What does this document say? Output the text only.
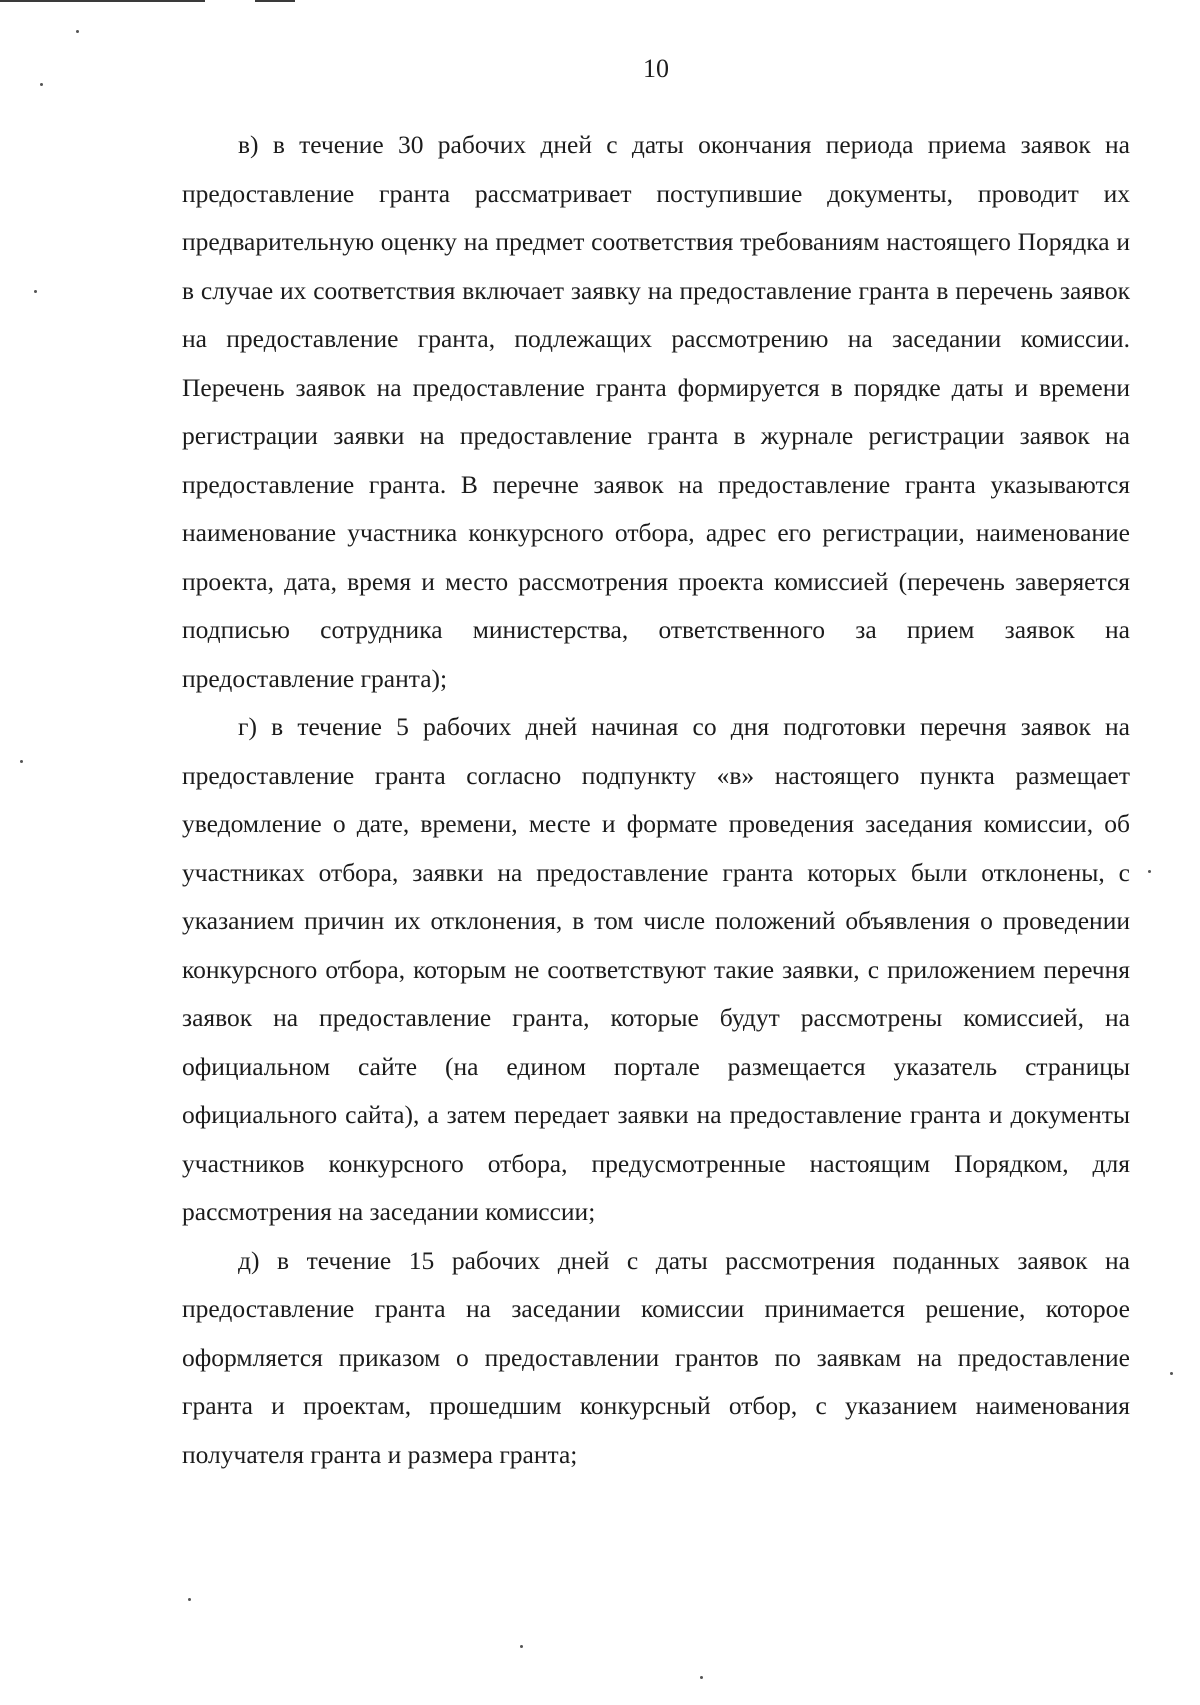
10

в) в течение 30 рабочих дней с даты окончания периода приема заявок на предоставление гранта рассматривает поступившие документы, проводит их предварительную оценку на предмет соответствия требованиям настоящего Порядка и в случае их соответствия включает заявку на предоставление гранта в перечень заявок на предоставление гранта, подлежащих рассмотрению на заседании комиссии. Перечень заявок на предоставление гранта формируется в порядке даты и времени регистрации заявки на предоставление гранта в журнале регистрации заявок на предоставление гранта. В перечне заявок на предоставление гранта указываются наименование участника конкурсного отбора, адрес его регистрации, наименование проекта, дата, время и место рассмотрения проекта комиссией (перечень заверяется подписью сотрудника министерства, ответственного за прием заявок на предоставление гранта);

г) в течение 5 рабочих дней начиная со дня подготовки перечня заявок на предоставление гранта согласно подпункту «в» настоящего пункта размещает уведомление о дате, времени, месте и формате проведения заседания комиссии, об участниках отбора, заявки на предоставление гранта которых были отклонены, с указанием причин их отклонения, в том числе положений объявления о проведении конкурсного отбора, которым не соответствуют такие заявки, с приложением перечня заявок на предоставление гранта, которые будут рассмотрены комиссией, на официальном сайте (на едином портале размещается указатель страницы официального сайта), а затем передает заявки на предоставление гранта и документы участников конкурсного отбора, предусмотренные настоящим Порядком, для рассмотрения на заседании комиссии;

д) в течение 15 рабочих дней с даты рассмотрения поданных заявок на предоставление гранта на заседании комиссии принимается решение, которое оформляется приказом о предоставлении грантов по заявкам на предоставление гранта и проектам, прошедшим конкурсный отбор, с указанием наименования получателя гранта и размера гранта;
